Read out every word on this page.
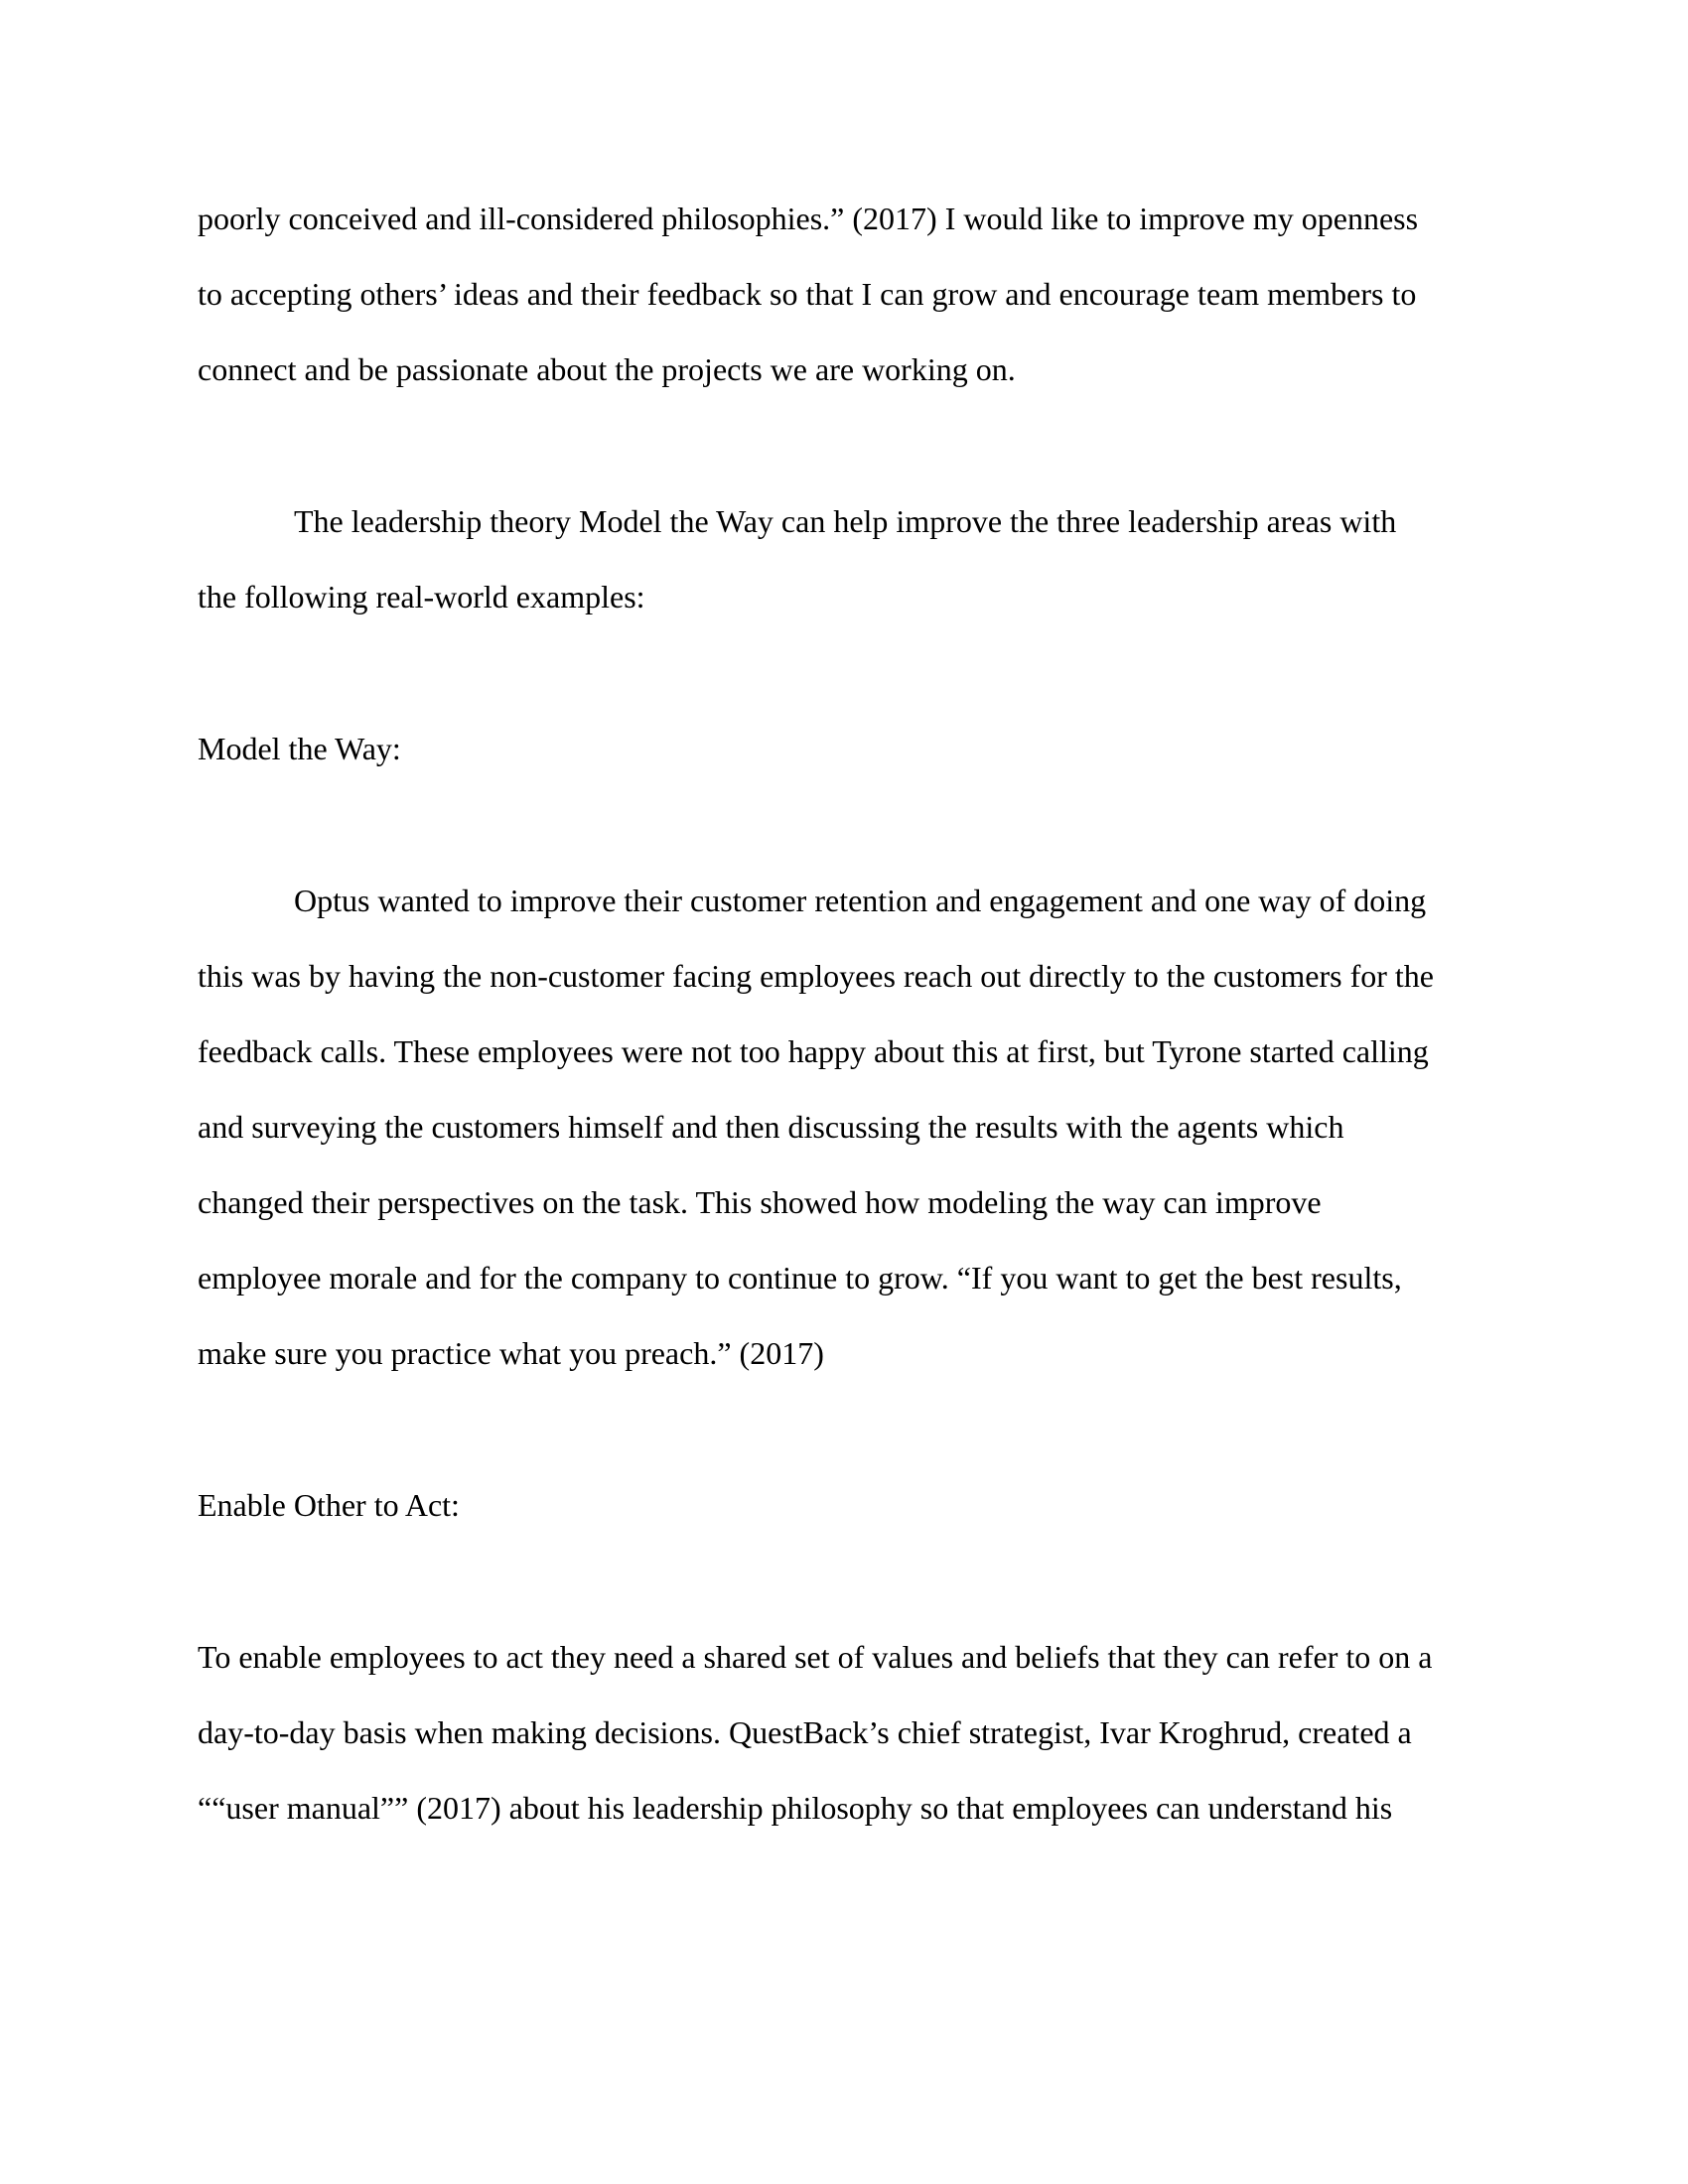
poorly conceived and ill-considered philosophies.” (2017) I would like to improve my openness
to accepting others’ ideas and their feedback so that I can grow and encourage team members to
connect and be passionate about the projects we are working on.
The leadership theory Model the Way can help improve the three leadership areas with
the following real-world examples:
Model the Way:
Optus wanted to improve their customer retention and engagement and one way of doing
this was by having the non-customer facing employees reach out directly to the customers for the
feedback calls. These employees were not too happy about this at first, but Tyrone started calling
and surveying the customers himself and then discussing the results with the agents which
changed their perspectives on the task. This showed how modeling the way can improve
employee morale and for the company to continue to grow. “If you want to get the best results,
make sure you practice what you preach.” (2017)
Enable Other to Act:
To enable employees to act they need a shared set of values and beliefs that they can refer to on a
day-to-day basis when making decisions. QuestBack’s chief strategist, Ivar Kroghrud, created a
““user manual”” (2017) about his leadership philosophy so that employees can understand his
